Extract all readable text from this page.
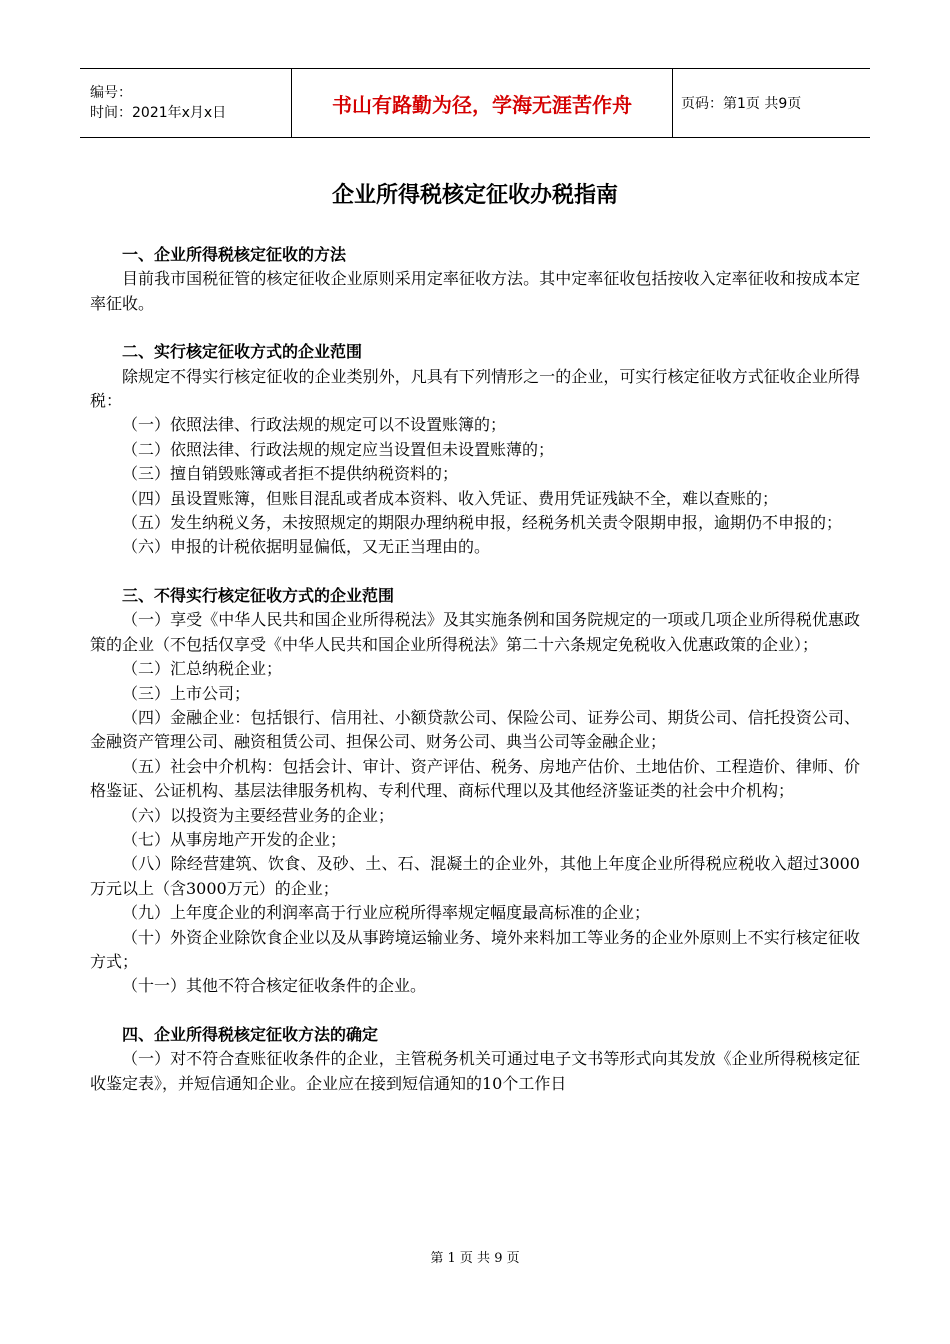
编号：
时间：2021年x月x日	书山有路勤为径，学海无涯苦作舟	页码：第1页 共9页
企业所得税核定征收办税指南
一、企业所得税核定征收的方法

目前我市国税征管的核定征收企业原则采用定率征收方法。其中定率征收包括按收入定率征收和按成本定率征收。

二、实行核定征收方式的企业范围

除规定不得实行核定征收的企业类别外，凡具有下列情形之一的企业，可实行核定征收方式征收企业所得税：

（一）依照法律、行政法规的规定可以不设置账簿的；

（二）依照法律、行政法规的规定应当设置但未设置账薄的；

（三）擅自销毁账簿或者拒不提供纳税资料的；

（四）虽设置账簿，但账目混乱或者成本资料、收入凭证、费用凭证残缺不全，难以查账的；

（五）发生纳税义务，未按照规定的期限办理纳税申报，经税务机关责令限期申报，逾期仍不申报的；

（六）申报的计税依据明显偏低，又无正当理由的。

三、不得实行核定征收方式的企业范围

（一）享受《中华人民共和国企业所得税法》及其实施条例和国务院规定的一项或几项企业所得税优惠政策的企业（不包括仅享受《中华人民共和国企业所得税法》第二十六条规定免税收入优惠政策的企业）；

（二）汇总纳税企业；

（三）上市公司；

（四）金融企业：包括银行、信用社、小额贷款公司、保险公司、证券公司、期货公司、信托投资公司、金融资产管理公司、融资租赁公司、担保公司、财务公司、典当公司等金融企业；

（五）社会中介机构：包括会计、审计、资产评估、税务、房地产估价、土地估价、工程造价、律师、价格鉴证、公证机构、基层法律服务机构、专利代理、商标代理以及其他经济鉴证类的社会中介机构；

（六）以投资为主要经营业务的企业；

（七）从事房地产开发的企业；

（八）除经营建筑、饮食、及砂、土、石、混凝土的企业外，其他上年度企业所得税应税收入超过3000万元以上（含3000万元）的企业；

（九）上年度企业的利润率高于行业应税所得率规定幅度最高标准的企业；

（十）外资企业除饮食企业以及从事跨境运输业务、境外来料加工等业务的企业外原则上不实行核定征收方式；

（十一）其他不符合核定征收条件的企业。

四、企业所得税核定征收方法的确定

（一）对不符合查账征收条件的企业，主管税务机关可通过电子文书等形式向其发放《企业所得税核定征收鉴定表》，并短信通知企业。企业应在接到短信通知的10个工作日

第 1 页 共 9 页
